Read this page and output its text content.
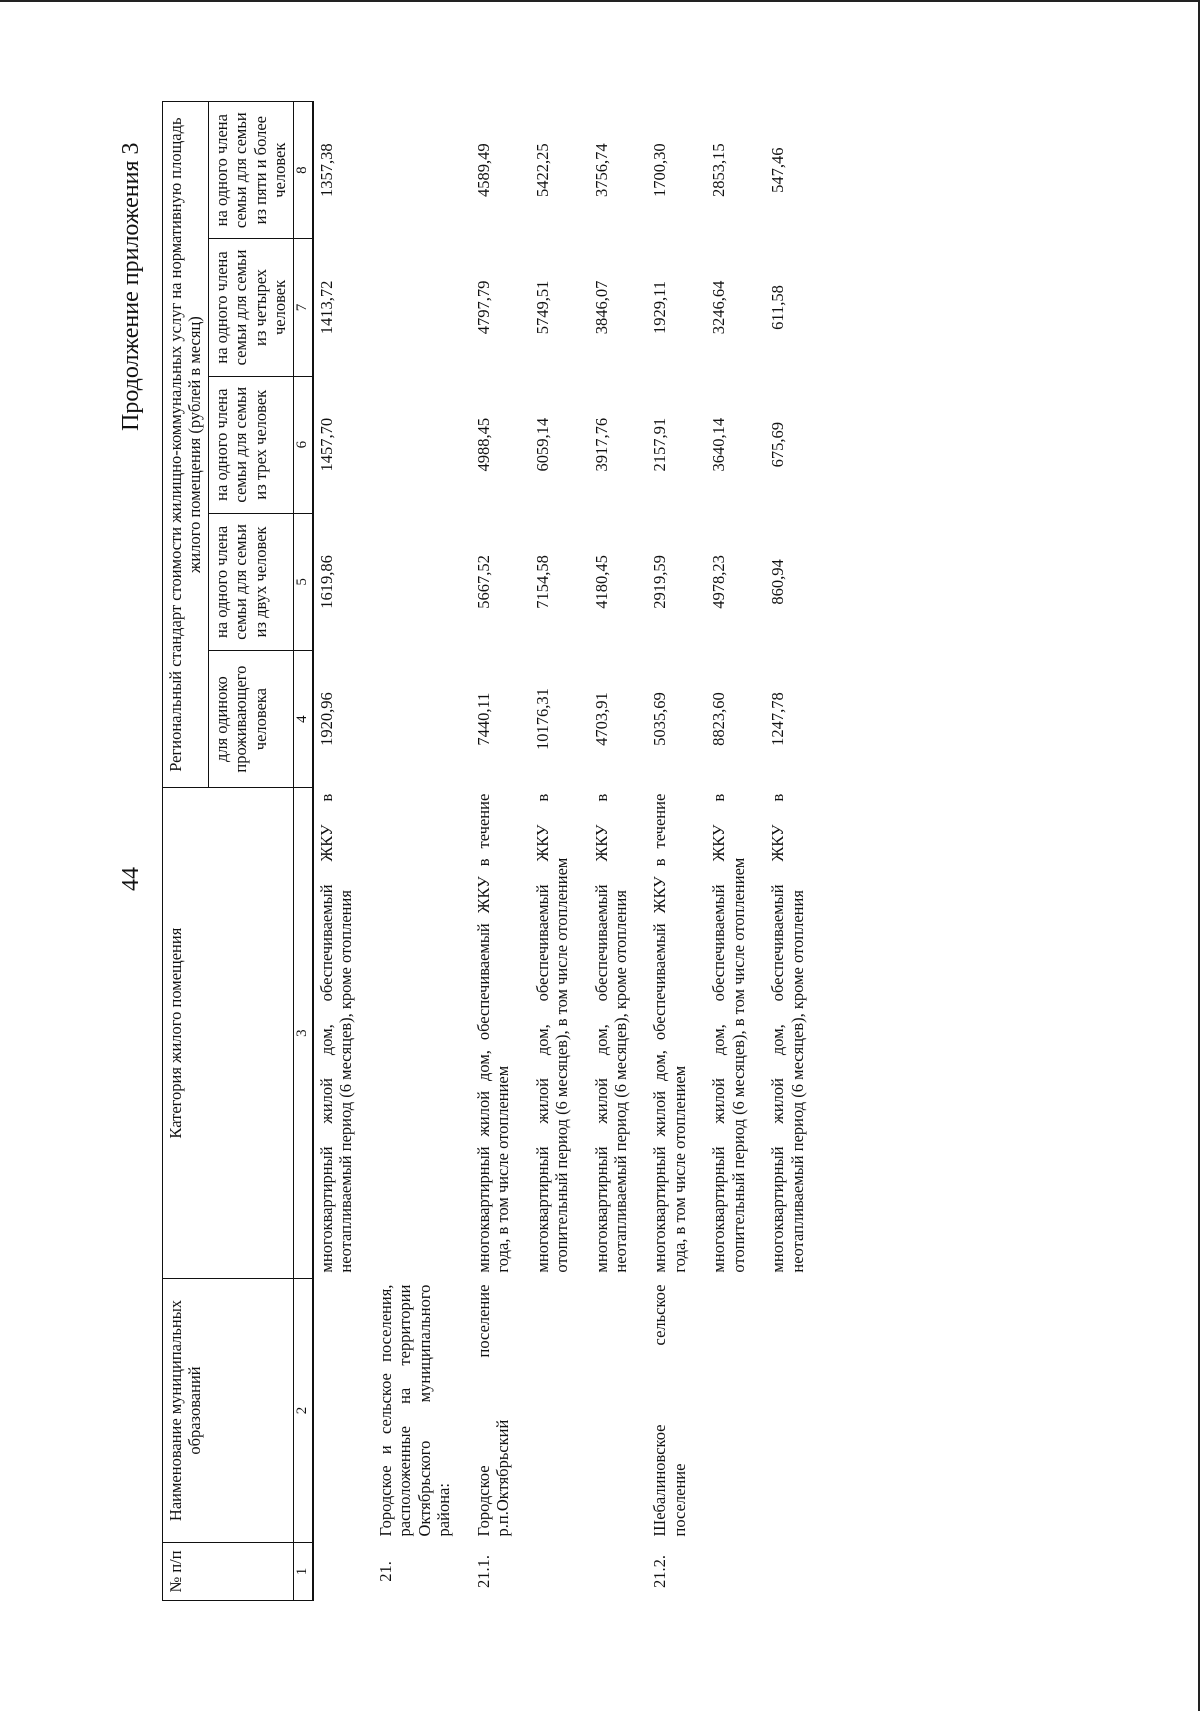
44
Продолжение приложения 3
№ п/п	Наименование муниципальных образований	Категория жилого помещения	Региональный стандарт стоимости жилищно-коммунальных услуг на нормативную площадь жилого помещения (рублей в месяц)				
			для одиноко проживающего человека	на одного члена семьи для семьи из двух человек	на одного члена семьи для семьи из трех человек	на одного члена семьи для семьи из четырех человек	на одного члена семьи для семьи из пяти и более человек
1	2	3	4	5	6	7	8
		многоквартирный жилой дом, обеспечиваемый ЖКУ в неотапливаемый период (6 месяцев), кроме отопления	1920,96	1619,86	1457,70	1413,72	1357,38

21.	Городское и сельское поселения, расположенные на территории Октябрьского муниципального района:						

21.1.	Городское поселение р.п.Октябрьский	многоквартирный жилой дом, обеспечиваемый ЖКУ в течение года, в том числе отоплением	7440,11	5667,52	4988,45	4797,79	4589,49

		многоквартирный жилой дом, обеспечиваемый ЖКУ в отопительный период (6 месяцев), в том числе отоплением	10176,31	7154,58	6059,14	5749,51	5422,25

		многоквартирный жилой дом, обеспечиваемый ЖКУ в неотапливаемый период (6 месяцев), кроме отопления	4703,91	4180,45	3917,76	3846,07	3756,74

21.2.	Шебалиновское сельское поселение	многоквартирный жилой дом, обеспечиваемый ЖКУ в течение года, в том числе отоплением	5035,69	2919,59	2157,91	1929,11	1700,30

		многоквартирный жилой дом, обеспечиваемый ЖКУ в отопительный период (6 месяцев), в том числе отоплением	8823,60	4978,23	3640,14	3246,64	2853,15

		многоквартирный жилой дом, обеспечиваемый ЖКУ в неотапливаемый период (6 месяцев), кроме отопления	1247,78	860,94	675,69	611,58	547,46
